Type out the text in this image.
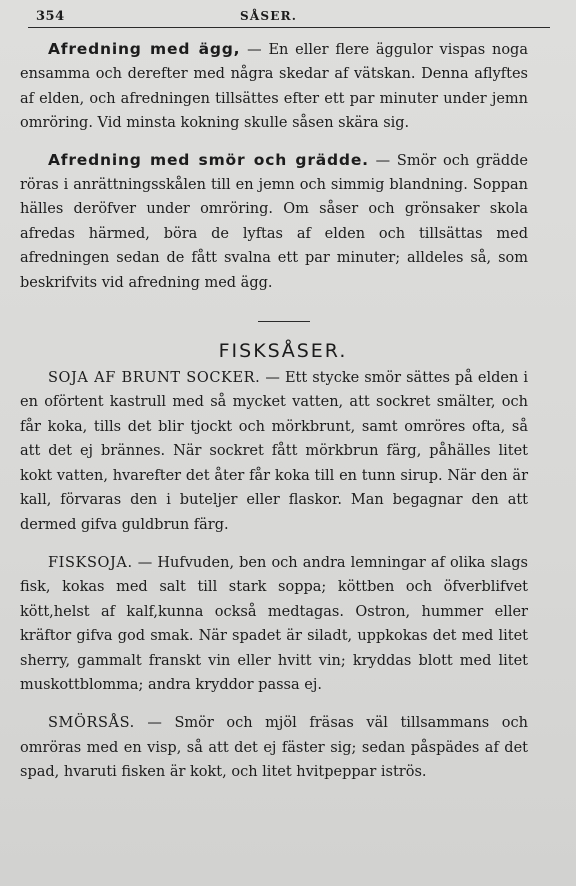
354	SÅSER.

Afredning med ägg, — En eller flere äggulor vispas noga ensamma och derefter med några skedar af vätskan. Denna aflyftes af elden, och afredningen tillsättes efter ett par minuter under jemn omröring. Vid minsta kokning skulle såsen skära sig.

Afredning med smör och grädde. — Smör och grädde röras i anrättningsskålen till en jemn och simmig blandning. Soppan hälles deröfver under omröring. Om såser och grönsaker skola afredas härmed, böra de lyftas af elden och tillsättas med afredningen sedan de fått svalna ett par minuter; alldeles så, som beskrifvits vid afredning med ägg.

FISKSÅSER.

SOJA AF BRUNT SOCKER. — Ett stycke smör sättes på elden i en oförtent kastrull med så mycket vatten, att sockret smälter, och får koka, tills det blir tjockt och mörkbrunt, samt omröres ofta, så att det ej brännes. När sockret fått mörkbrun färg, påhälles litet kokt vatten, hvarefter det åter får koka till en tunn sirup. När den är kall, förvaras den i buteljer eller flaskor. Man begagnar den att dermed gifva guldbrun färg.

FISKSOJA. — Hufvuden, ben och andra lemningar af olika slags fisk, kokas med salt till stark soppa; köttben och öfverblifvet kött,helst af kalf,kunna också medtagas. Ostron, hummer eller kräftor gifva god smak. När spadet är siladt, uppkokas det med litet sherry, gammalt franskt vin eller hvitt vin; kryddas blott med litet muskottblomma; andra kryddor passa ej.

SMÖRSÅS. — Smör och mjöl fräsas väl tillsammans och omröras med en visp, så att det ej fäster sig; sedan påspädes af det spad, hvaruti fisken är kokt, och litet hvitpeppar iströs.
